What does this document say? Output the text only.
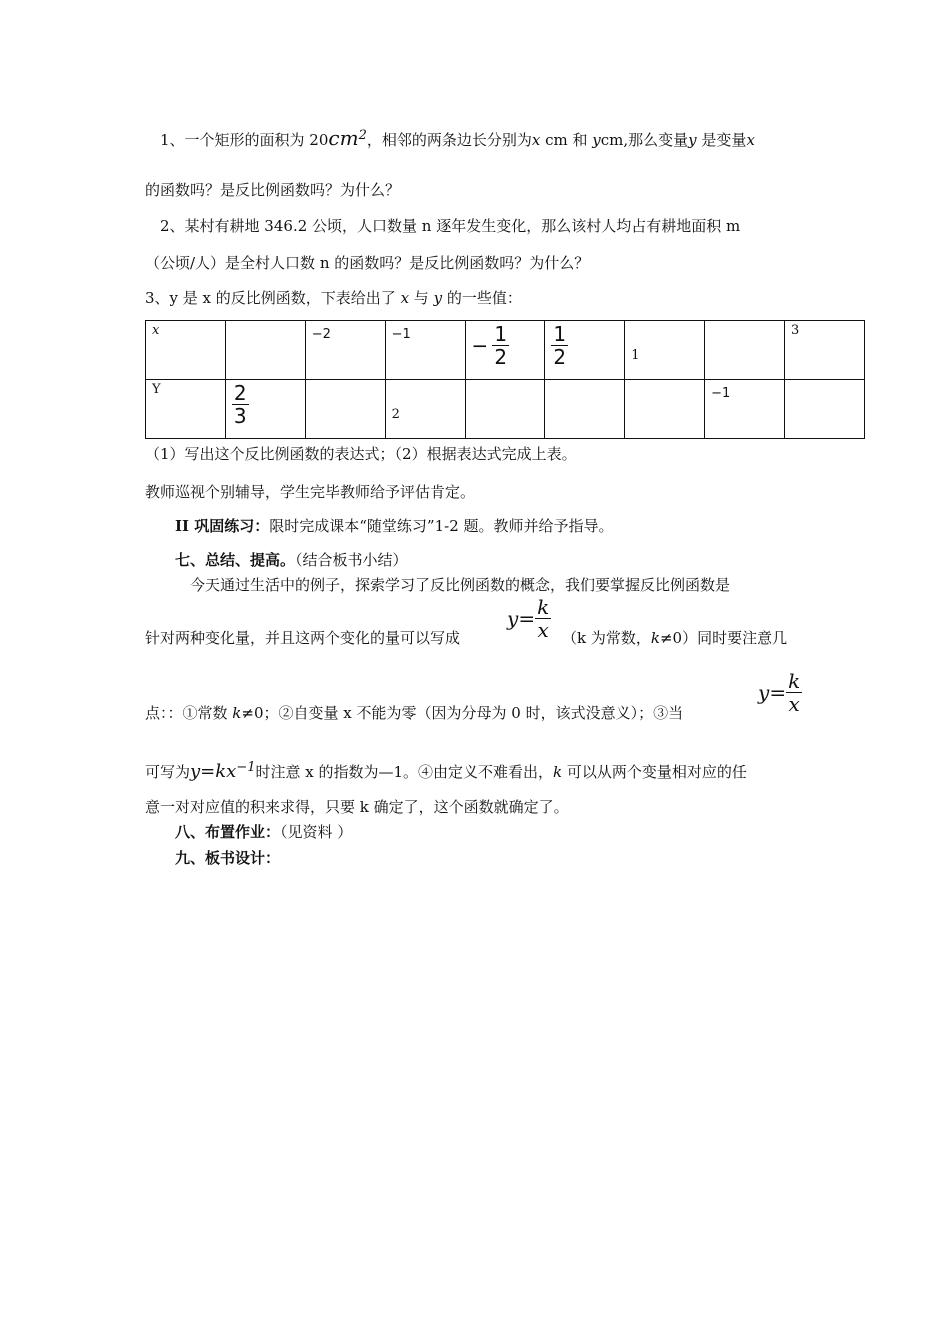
1、一个矩形的面积为 $20cm^2$，相邻的两条边长分别为x cm 和 ycm,那么变量y 是变量x
的函数吗？是反比例函数吗？为什么？
2、某村有耕地 346.2 公顷，人口数量 n 逐年发生变化，那么该村人均占有耕地面积 m
（公顷/人）是全村人口数 n 的函数吗？是反比例函数吗？为什么？
3、y 是 x 的反比例函数，下表给出了 x 与 y 的一些值：
x		−2	−1	− $\frac{1}{2}$	$\frac{1}{2}$	1		3
Y	$\frac{2}{3}$		2				−1	
（1）写出这个反比例函数的表达式；（2）根据表达式完成上表。
教师巡视个别辅导，学生完毕教师给予评估肯定。
II 巩固练习：限时完成课本“随堂练习”1-2 题。教师并给予指导。
七、总结、提高。（结合板书小结）
今天通过生活中的例子，探索学习了反比例函数的概念，我们要掌握反比例函数是
针对两种变化量，并且这两个变化的量可以写成
$y= \frac{k}{x} (k$ 为常数，k≠0）同时要注意几
点：：①常数 k≠0；②自变量 x 不能为零（因为分母为 0 时，该式没意义）；③当
$y= \frac{k}{x}$
可写为$y=kx^{-1}$时注意 x 的指数为—1。④由定义不难看出，k 可以从两个变量相对应的任
意一对对应值的积来求得，只要 k 确定了，这个函数就确定了。
八、布置作业：（见资料 ）
九、板书设计：
